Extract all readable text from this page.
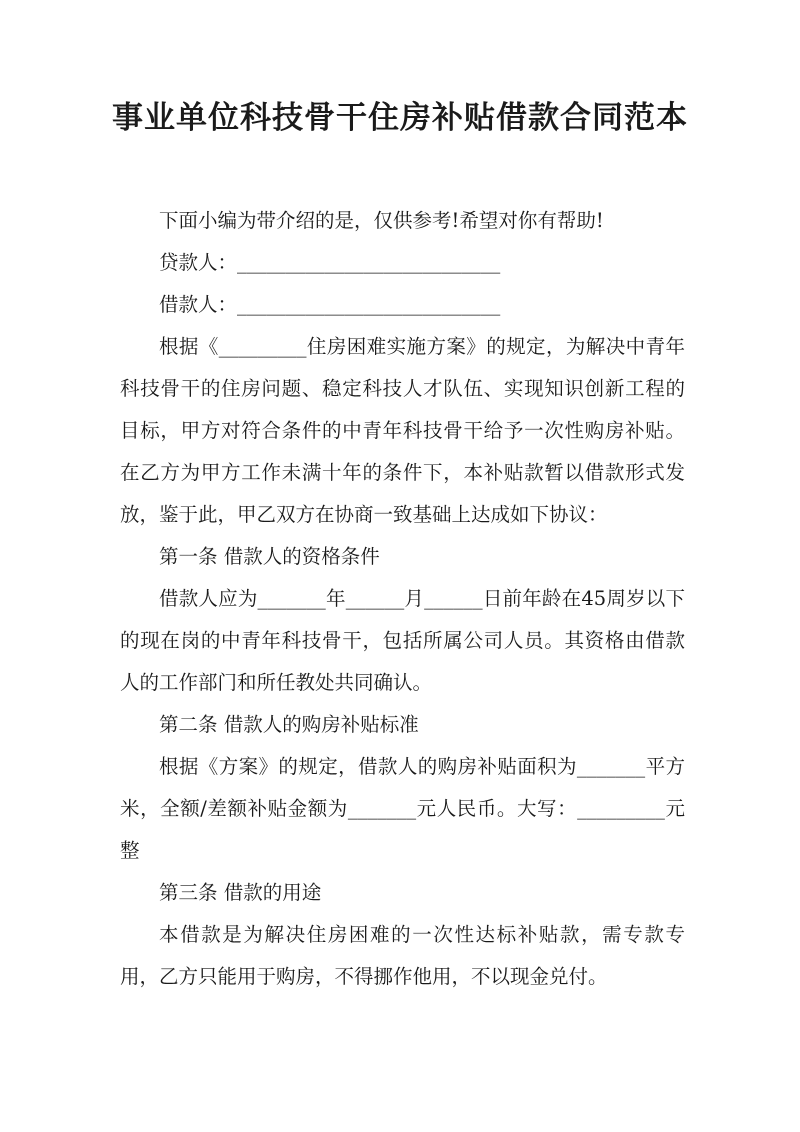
事业单位科技骨干住房补贴借款合同范本

下面小编为带介绍的是，仅供参考!希望对你有帮助!

贷款人：___________________________

借款人：___________________________

根据《_________住房困难实施方案》的规定，为解决中青年科技骨干的住房问题、稳定科技人才队伍、实现知识创新工程的目标，甲方对符合条件的中青年科技骨干给予一次性购房补贴。在乙方为甲方工作未满十年的条件下，本补贴款暂以借款形式发放，鉴于此，甲乙双方在协商一致基础上达成如下协议：

第一条 借款人的资格条件

借款人应为_______年______月______日前年龄在45周岁以下的现在岗的中青年科技骨干，包括所属公司人员。其资格由借款人的工作部门和所任教处共同确认。

第二条 借款人的购房补贴标准

根据《方案》的规定，借款人的购房补贴面积为_______平方米，全额/差额补贴金额为_______元人民币。大写：_________元整

第三条 借款的用途

本借款是为解决住房困难的一次性达标补贴款，需专款专用，乙方只能用于购房，不得挪作他用，不以现金兑付。
